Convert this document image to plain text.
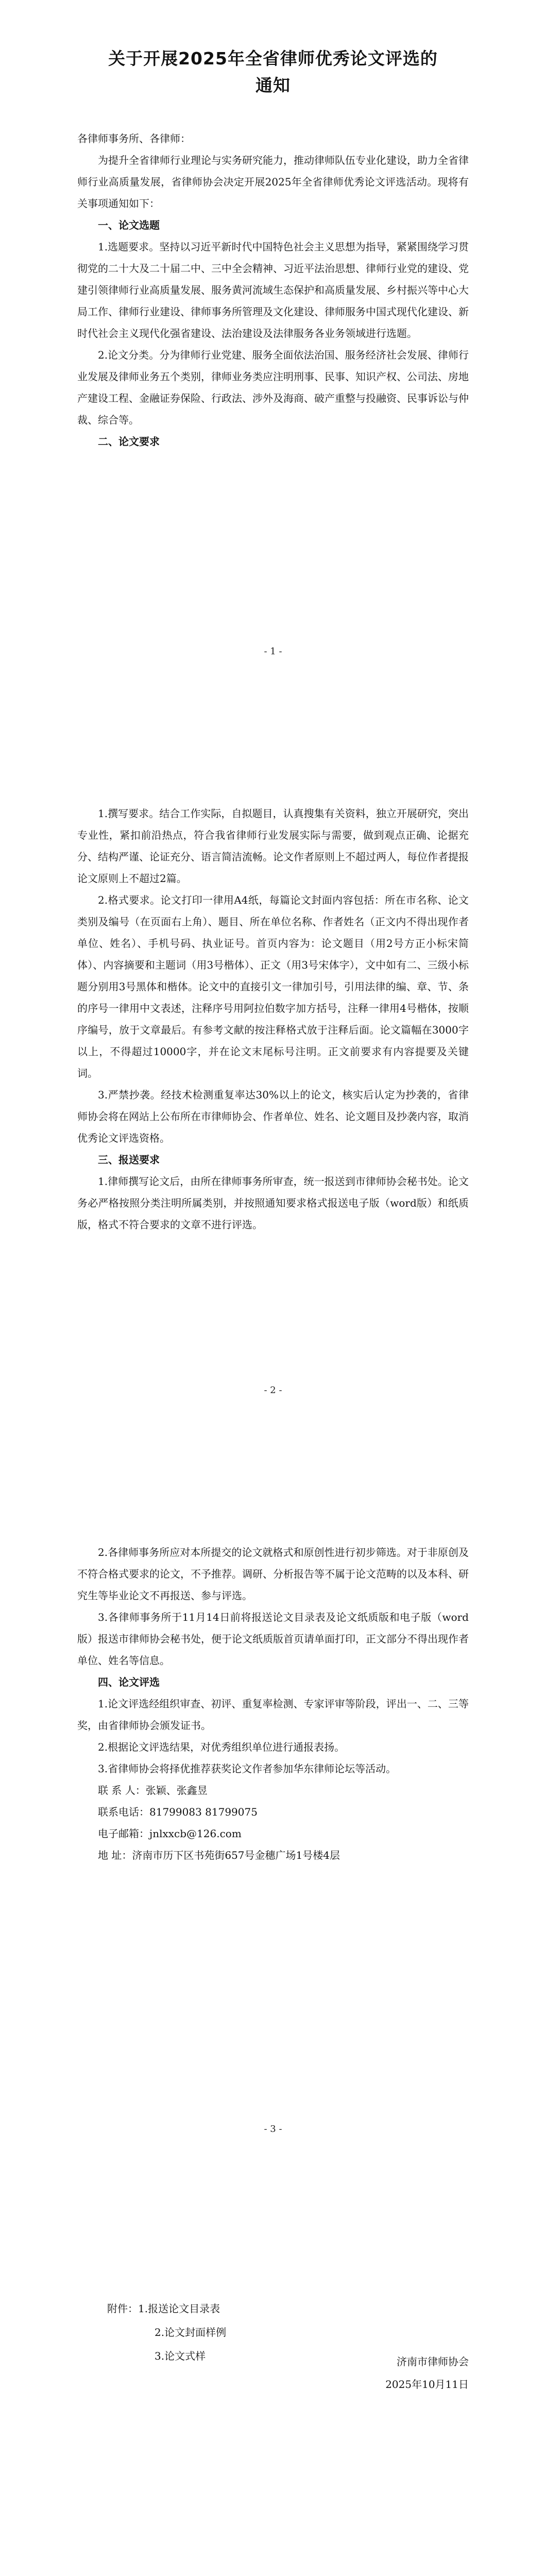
关于开展2025年全省律师优秀论文评选的
通知

各律师事务所、各律师：

为提升全省律师行业理论与实务研究能力，推动律师队伍专业化建设，助力全省律师行业高质量发展，省律师协会决定开展2025年全省律师优秀论文评选活动。现将有关事项通知如下：

一、论文选题

1.选题要求。坚持以习近平新时代中国特色社会主义思想为指导，紧紧围绕学习贯彻党的二十大及二十届二中、三中全会精神、习近平法治思想、律师行业党的建设、党建引领律师行业高质量发展、服务黄河流域生态保护和高质量发展、乡村振兴等中心大局工作、律师行业建设、律师事务所管理及文化建设、律师服务中国式现代化建设、新时代社会主义现代化强省建设、法治建设及法律服务各业务领域进行选题。

2.论文分类。分为律师行业党建、服务全面依法治国、服务经济社会发展、律师行业发展及律师业务五个类别，律师业务类应注明刑事、民事、知识产权、公司法、房地产建设工程、金融证券保险、行政法、涉外及海商、破产重整与投融资、民事诉讼与仲裁、综合等。

二、论文要求

- 1 -

1.撰写要求。结合工作实际，自拟题目，认真搜集有关资料，独立开展研究，突出专业性，紧扣前沿热点，符合我省律师行业发展实际与需要，做到观点正确、论据充分、结构严谨、论证充分、语言简洁流畅。论文作者原则上不超过两人，每位作者提报论文原则上不超过2篇。

2.格式要求。论文打印一律用A4纸，每篇论文封面内容包括：所在市名称、论文类别及编号（在页面右上角）、题目、所在单位名称、作者姓名（正文内不得出现作者单位、姓名）、手机号码、执业证号。首页内容为：论文题目（用2号方正小标宋简体）、内容摘要和主题词（用3号楷体）、正文（用3号宋体字），文中如有二、三级小标题分别用3号黑体和楷体。论文中的直接引文一律加引号，引用法律的编、章、节、条的序号一律用中文表述，注释序号用阿拉伯数字加方括号，注释一律用4号楷体，按顺序编号，放于文章最后。有参考文献的按注释格式放于注释后面。论文篇幅在3000字以上，不得超过10000字，并在论文末尾标号注明。正文前要求有内容提要及关键词。

3.严禁抄袭。经技术检测重复率达30%以上的论文，核实后认定为抄袭的，省律师协会将在网站上公布所在市律师协会、作者单位、姓名、论文题目及抄袭内容，取消优秀论文评选资格。

三、报送要求

1.律师撰写论文后，由所在律师事务所审查，统一报送到市律师协会秘书处。论文务必严格按照分类注明所属类别，并按照通知要求格式报送电子版（word版）和纸质版，格式不符合要求的文章不进行评选。

- 2 -

2.各律师事务所应对本所提交的论文就格式和原创性进行初步筛选。对于非原创及不符合格式要求的论文，不予推荐。调研、分析报告等不属于论文范畴的以及本科、研究生等毕业论文不再报送、参与评选。

3.各律师事务所于11月14日前将报送论文目录表及论文纸质版和电子版（word版）报送市律师协会秘书处，便于论文纸质版首页请单面打印，正文部分不得出现作者单位、姓名等信息。

四、论文评选

1.论文评选经组织审查、初评、重复率检测、专家评审等阶段，评出一、二、三等奖，由省律师协会颁发证书。

2.根据论文评选结果，对优秀组织单位进行通报表扬。

3.省律师协会将择优推荐获奖论文作者参加华东律师论坛等活动。

联 系 人：张颖、张鑫昱

联系电话：81799083 81799075

电子邮箱：jnlxxcb@126.com

地 址：济南市历下区书苑街657号金穗广场1号楼4层

- 3 -

附件：1.报送论文目录表

2.论文封面样例

3.论文式样	济南市律师协会
2025年10月11日
